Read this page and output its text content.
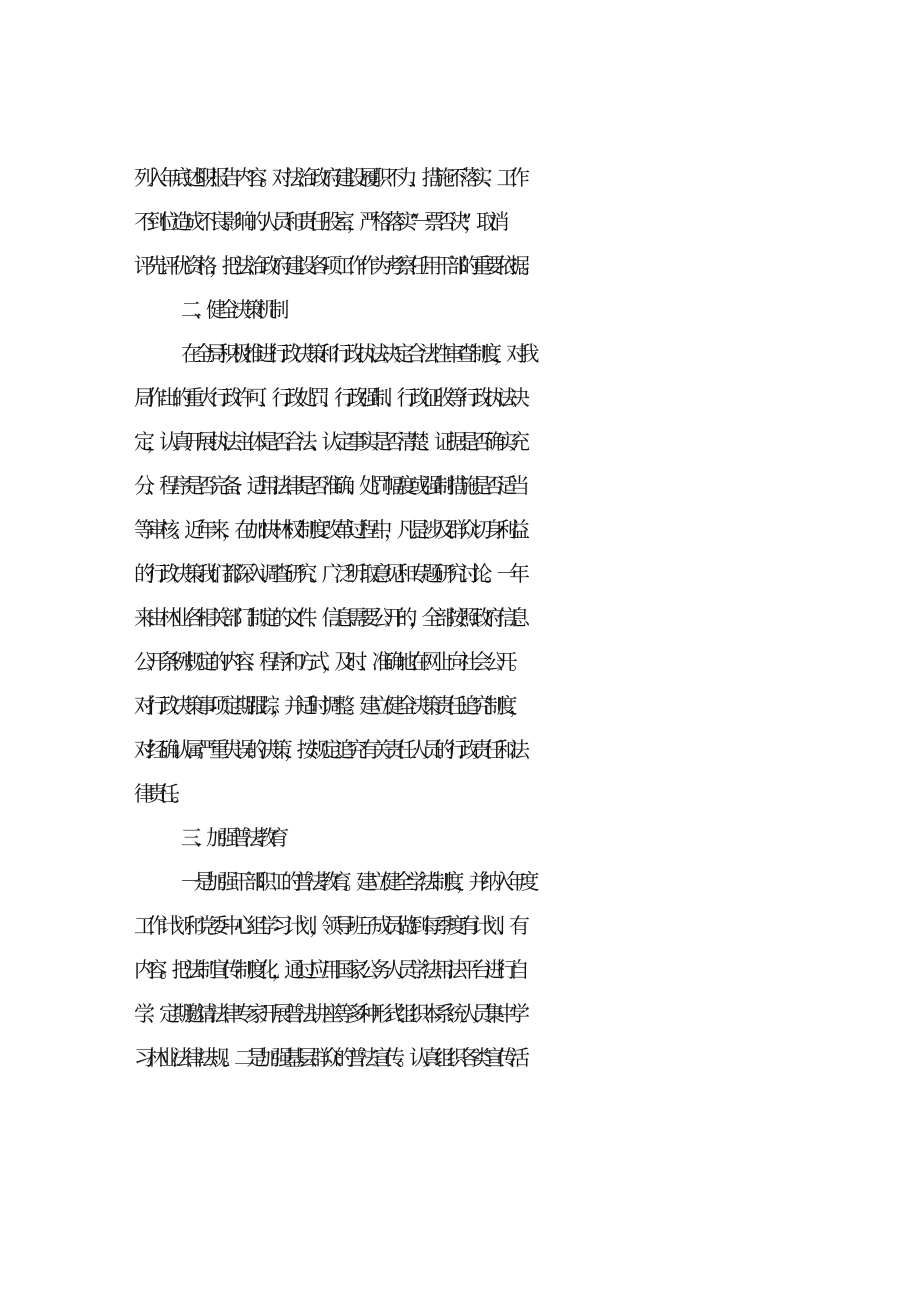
列入年底述职报告内容。对法治政府建设履职不力、措施不落实、工作
不到位造成不良影响的人员和责任股室，严格落实“一票否决”，取消
评先评优资格，把法治政府建设各项工作作为考察任用干部的重要依据。
二、健全决策机制
在全局积极推进行政决策和行政执法决定合法性审查制度，对我
局作出的重大行政许可、行政处罚、行政强制、行政征收等行政执法决
定，认真开展执法主体是否合法、认定事实是否清楚、证据是否确实充
分、程序是否完备、适用法律是否准确、处罚幅度或强制措施是否适当
等审核。近年来，在加快林权制度改革过程中，凡是涉及群众切身利益
的行政决策我们都深入调查研究、广泛听取意见和专题研究讨论。一年
来由林业各相关部门制定的文件、信息需要公开的，全部按照政府信息
公开条例规定的内容、程序和方式，及时、准确地在网上向社会公开。
对行政决策事项定期跟踪，并适时调整。建立健全决策责任追究制度，
对经确认属严重失误的决策，按规定追究有关责任人员的行政责任和法
律责任。
三、加强普法教育
一是加强干部职工的普法教育。建立健全学法制度，并纳入年度
工作计划和党委中心组学习计划，领导班子成员做到每季度有计划、有
内容。把法制宣传制度化，通过应用国家公务人员学法用法平台进行自
学、定期邀请法律专家开展普法讲座等多种形式组织本系统人员集中学
习林业法律法规。二是加强基层群众的普法宣传。认真组织各类宣传活
